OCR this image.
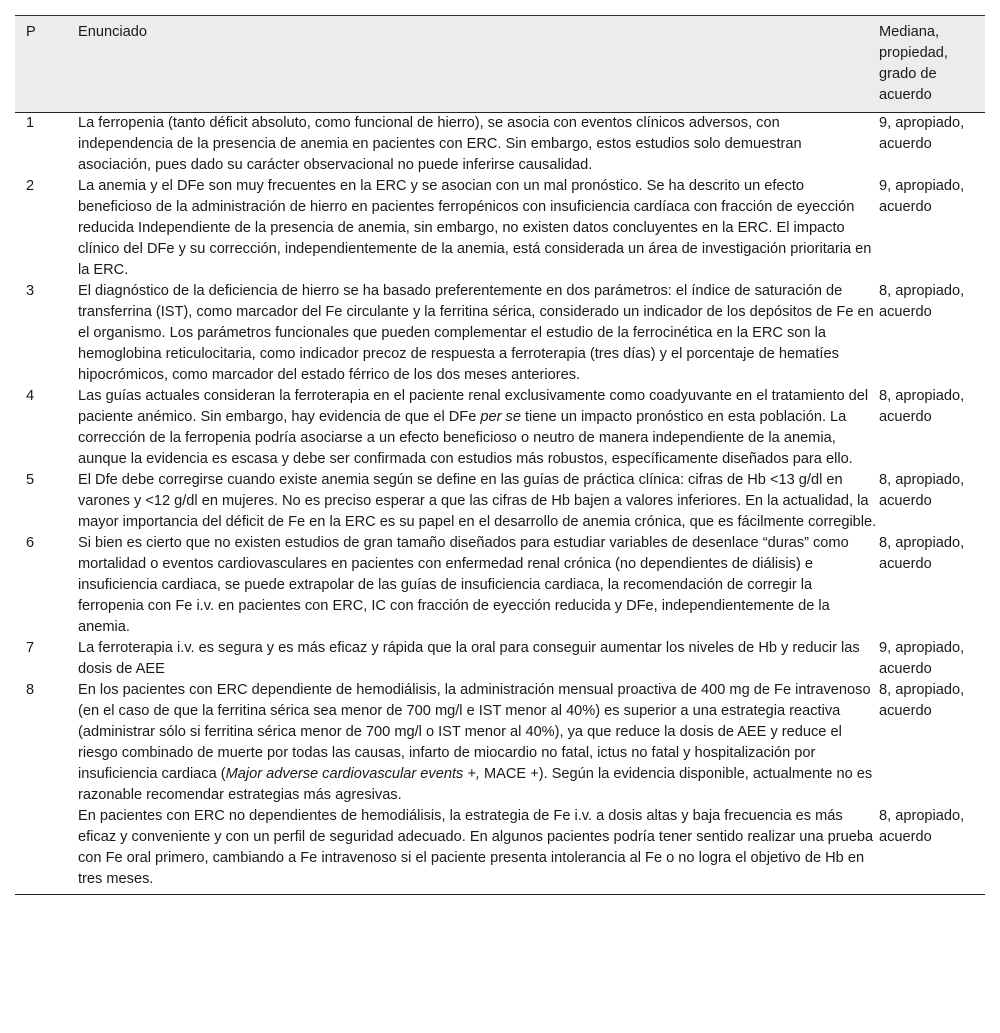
P	Enunciado	Mediana, propiedad, grado de acuerdo
1	La ferropenia (tanto déficit absoluto, como funcional de hierro), se asocia con eventos clínicos adversos, con independencia de la presencia de anemia en pacientes con ERC. Sin embargo, estos estudios solo demuestran asociación, pues dado su carácter observacional no puede inferirse causalidad.	9, apropiado, acuerdo
2	La anemia y el DFe son muy frecuentes en la ERC y se asocian con un mal pronóstico. Se ha descrito un efecto beneficioso de la administración de hierro en pacientes ferropénicos con insuficiencia cardíaca con fracción de eyección reducida Independiente de la presencia de anemia, sin embargo, no existen datos concluyentes en la ERC. El impacto clínico del DFe y su corrección, independientemente de la anemia, está considerada un área de investigación prioritaria en la ERC.	9, apropiado, acuerdo
3	El diagnóstico de la deficiencia de hierro se ha basado preferentemente en dos parámetros: el índice de saturación de transferrina (IST), como marcador del Fe circulante y la ferritina sérica, considerado un indicador de los depósitos de Fe en el organismo. Los parámetros funcionales que pueden complementar el estudio de la ferrocinética en la ERC son la hemoglobina reticulocitaria, como indicador precoz de respuesta a ferroterapia (tres días) y el porcentaje de hematíes hipocrómicos, como marcador del estado férrico de los dos meses anteriores.	8, apropiado, acuerdo
4	Las guías actuales consideran la ferroterapia en el paciente renal exclusivamente como coadyuvante en el tratamiento del paciente anémico. Sin embargo, hay evidencia de que el DFe per se tiene un impacto pronóstico en esta población. La corrección de la ferropenia podría asociarse a un efecto beneficioso o neutro de manera independiente de la anemia, aunque la evidencia es escasa y debe ser confirmada con estudios más robustos, específicamente diseñados para ello.	8, apropiado, acuerdo
5	El Dfe debe corregirse cuando existe anemia según se define en las guías de práctica clínica: cifras de Hb <13 g/dl en varones y <12 g/dl en mujeres. No es preciso esperar a que las cifras de Hb bajen a valores inferiores. En la actualidad, la mayor importancia del déficit de Fe en la ERC es su papel en el desarrollo de anemia crónica, que es fácilmente corregible.	8, apropiado, acuerdo
6	Si bien es cierto que no existen estudios de gran tamaño diseñados para estudiar variables de desenlace “duras” como mortalidad o eventos cardiovasculares en pacientes con enfermedad renal crónica (no dependientes de diálisis) e insuficiencia cardiaca, se puede extrapolar de las guías de insuficiencia cardiaca, la recomendación de corregir la ferropenia con Fe i.v. en pacientes con ERC, IC con fracción de eyección reducida y DFe, independientemente de la anemia.	8, apropiado, acuerdo
7	La ferroterapia i.v. es segura y es más eficaz y rápida que la oral para conseguir aumentar los niveles de Hb y reducir las dosis de AEE	9, apropiado, acuerdo
8	En los pacientes con ERC dependiente de hemodiálisis, la administración mensual proactiva de 400 mg de Fe intravenoso (en el caso de que la ferritina sérica sea menor de 700 mg/l e IST menor al 40%) es superior a una estrategia reactiva (administrar sólo si ferritina sérica menor de 700 mg/l o IST menor al 40%), ya que reduce la dosis de AEE y reduce el riesgo combinado de muerte por todas las causas, infarto de miocardio no fatal, ictus no fatal y hospitalización por insuficiencia cardiaca (Major adverse cardiovascular events +, MACE +). Según la evidencia disponible, actualmente no es razonable recomendar estrategias más agresivas.	8, apropiado, acuerdo
	En pacientes con ERC no dependientes de hemodiálisis, la estrategia de Fe i.v. a dosis altas y baja frecuencia es más eficaz y conveniente y con un perfil de seguridad adecuado. En algunos pacientes podría tener sentido realizar una prueba con Fe oral primero, cambiando a Fe intravenoso si el paciente presenta intolerancia al Fe o no logra el objetivo de Hb en tres meses.	8, apropiado, acuerdo
